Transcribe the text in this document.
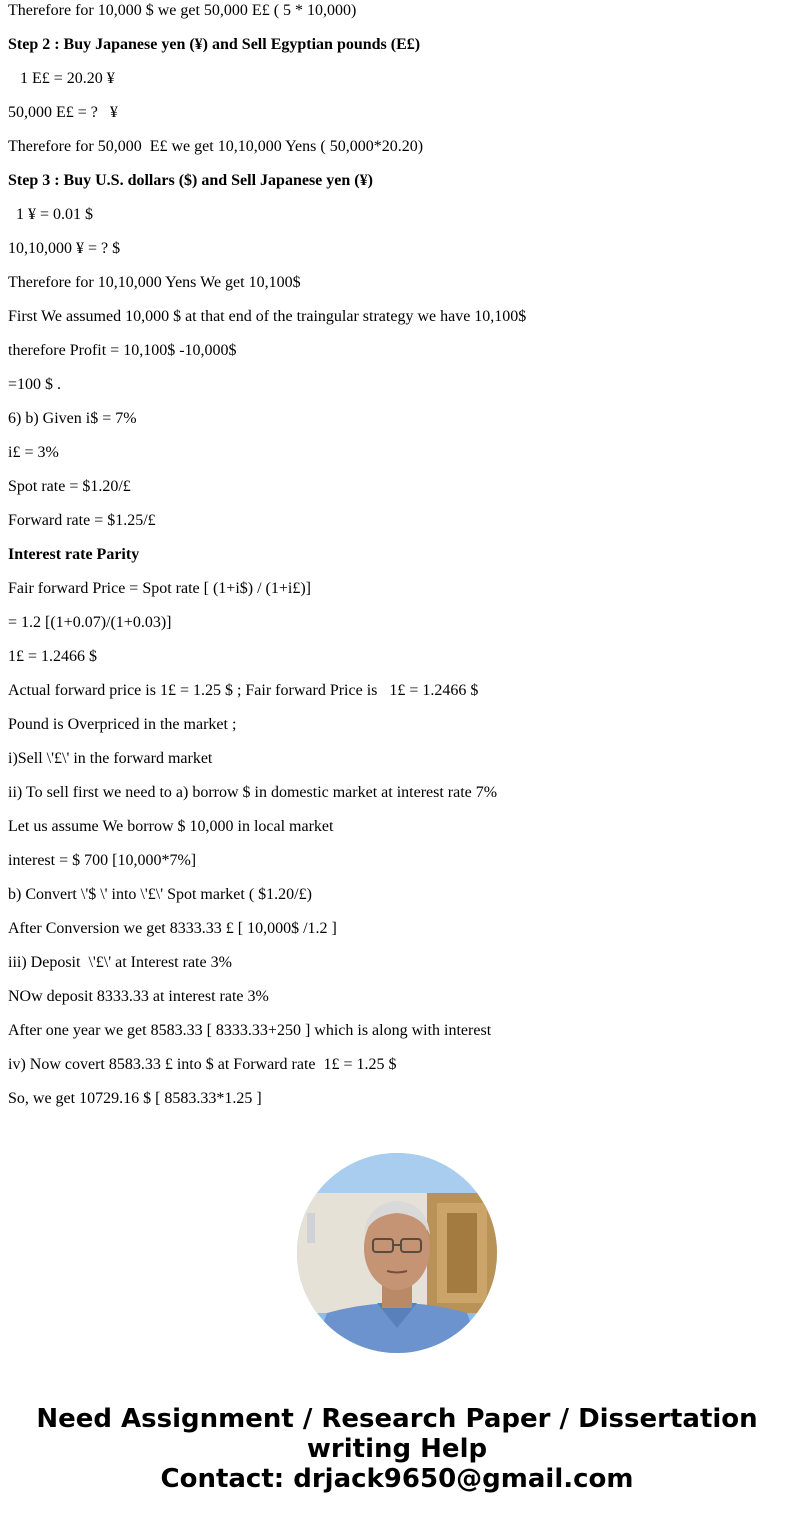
Therefore for 10,000 $ we get 50,000 E£ ( 5 * 10,000)

Step 2 : Buy Japanese yen (¥) and Sell Egyptian pounds (E£)

1 E£ = 20.20 ¥

50,000 E£ = ?   ¥

Therefore for 50,000  E£ we get 10,10,000 Yens ( 50,000*20.20)

Step 3 : Buy U.S. dollars ($) and Sell Japanese yen (¥)

1 ¥ = 0.01 $

10,10,000 ¥ = ? $

Therefore for 10,10,000 Yens We get 10,100$

First We assumed 10,000 $ at that end of the traingular strategy we have 10,100$

therefore Profit = 10,100$ -10,000$

=100 $ .

6) b) Given i$ = 7%

i£ = 3%

Spot rate = $1.20/£

Forward rate = $1.25/£

Interest rate Parity

Fair forward Price = Spot rate [ (1+i$) / (1+i£)]

= 1.2 [(1+0.07)/(1+0.03)]

1£ = 1.2466 $

Actual forward price is 1£ = 1.25 $ ; Fair forward Price is   1£ = 1.2466 $

Pound is Overpriced in the market ;

i)Sell \'£\' in the forward market

ii) To sell first we need to a) borrow $ in domestic market at interest rate 7%

Let us assume We borrow $ 10,000 in local market

interest = $ 700 [10,000*7%]

b) Convert \'$ \' into \'£\' Spot market ( $1.20/£)

After Conversion we get 8333.33 £ [ 10,000$ /1.2 ]

iii) Deposit  \'£\' at Interest rate 3%

NOw deposit 8333.33 at interest rate 3%

After one year we get 8583.33 [ 8333.33+250 ] which is along with interest

iv) Now covert 8583.33 £ into $ at Forward rate  1£ = 1.25 $

So, we get 10729.16 $ [ 8583.33*1.25 ]

Need Assignment / Research Paper / Dissertation
writing Help
Contact: drjack9650@gmail.com
